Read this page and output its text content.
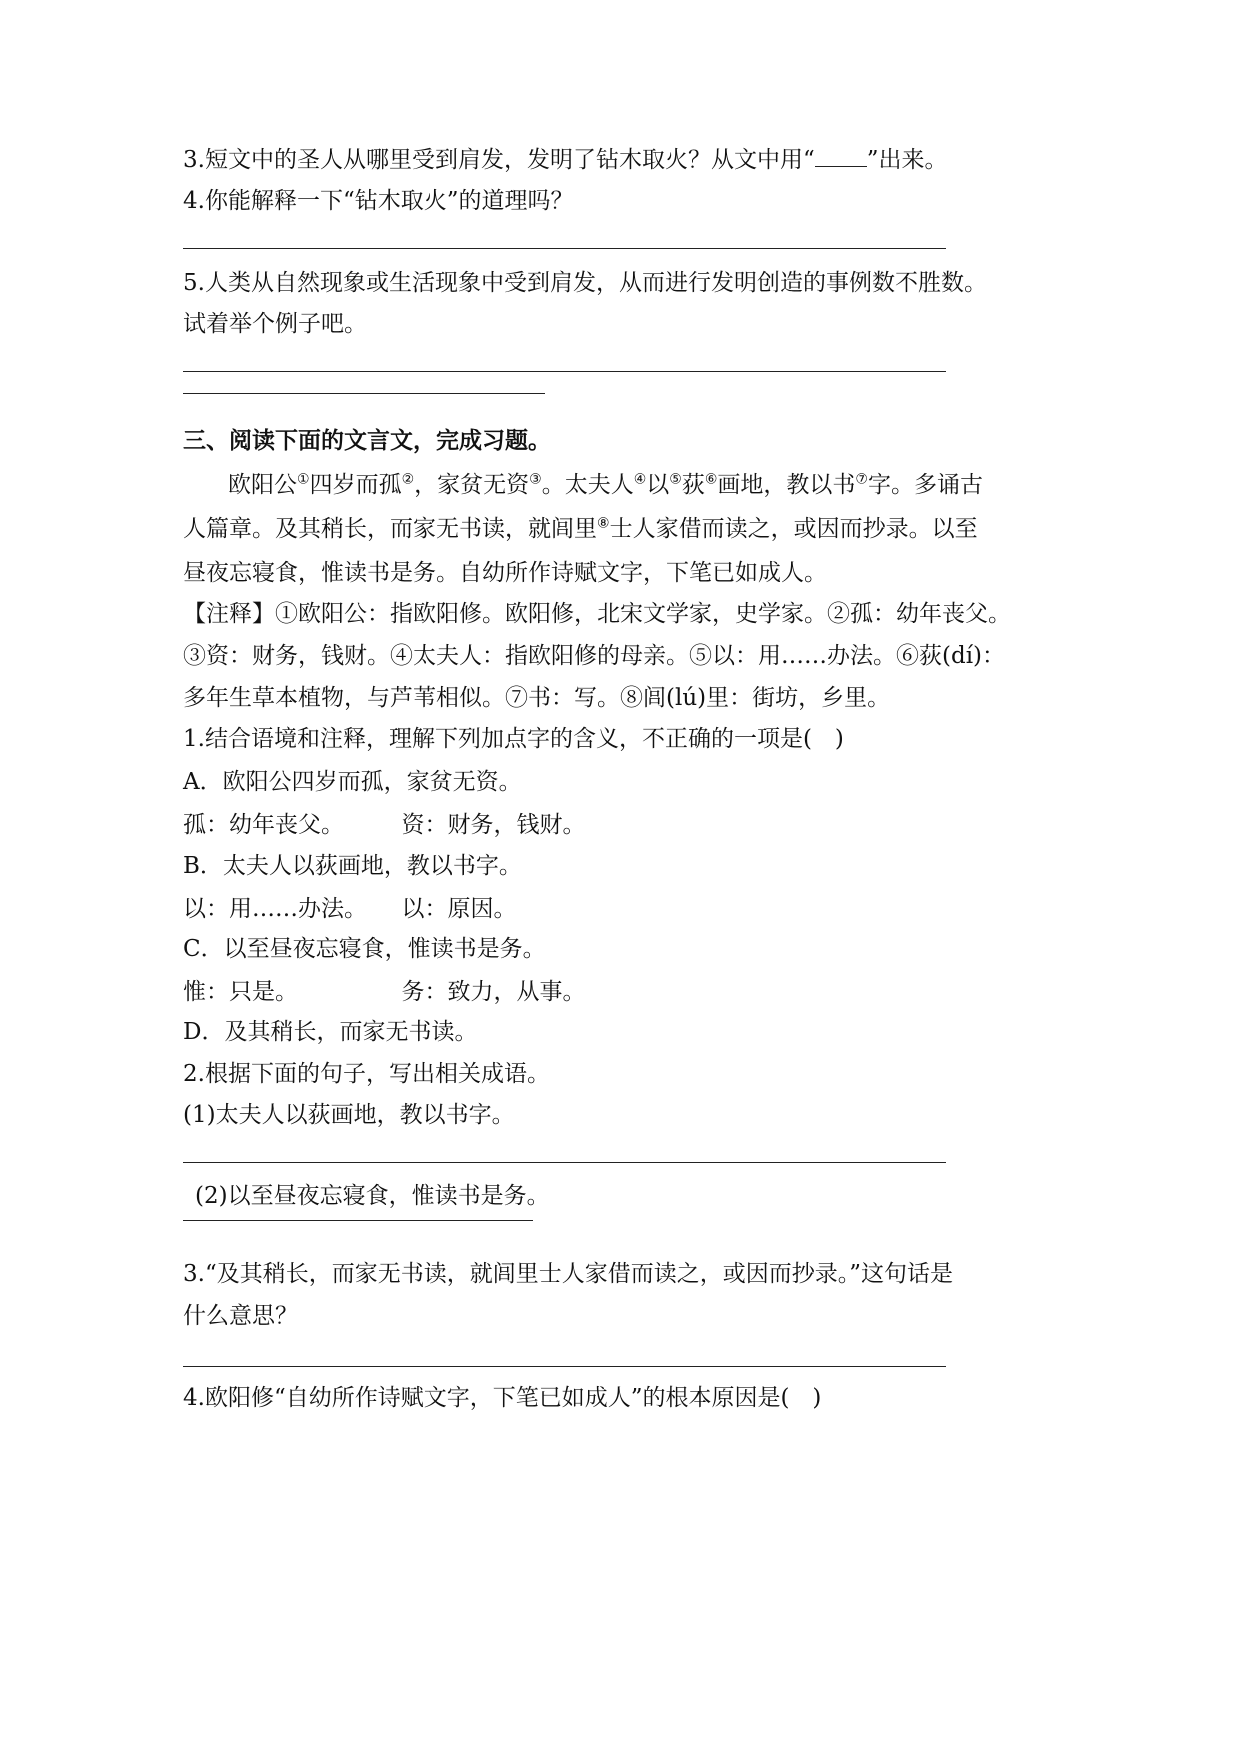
3.短文中的圣人从哪里受到肩发，发明了钻木取火？从文中用“ ”出来。
4.你能解释一下“钻木取火”的道理吗？
5.人类从自然现象或生活现象中受到肩发，从而进行发明创造的事例数不胜数。
试着举个例子吧。
三、阅读下面的文言文，完成习题。
欧阳公①四岁而孤②，家贫无资③。太夫人④以⑤荻⑥画地，教以书⑦字。多诵古
人篇章。及其稍长，而家无书读，就闾里⑧士人家借而读之，或因而抄录。以至
昼夜忘寝食，惟读书是务。自幼所作诗赋文字，下笔已如成人。
【注释】①欧阳公：指欧阳修。欧阳修，北宋文学家，史学家。②孤：幼年丧父。
③资：财务，钱财。④太夫人：指欧阳修的母亲。⑤以：用……办法。⑥荻(dí)：
多年生草本植物，与芦苇相似。⑦书：写。⑧闾(lú)里：街坊，乡里。
1.结合语境和注释，理解下列加点字的含义，不正确的一项是(　)
A．欧阳公四岁而孤，家贫无资。
孤：幼年丧父。　　　资：财务，钱财。
B．太夫人以荻画地，教以书字。
以：用……办法。　　以：原因。
C．以至昼夜忘寝食，惟读书是务。
惟：只是。　　　　　务：致力，从事。
D．及其稍长，而家无书读。
2.根据下面的句子，写出相关成语。
(1)太夫人以荻画地，教以书字。
(2)以至昼夜忘寝食，惟读书是务。
3.“及其稍长，而家无书读，就闾里士人家借而读之，或因而抄录。”这句话是
什么意思？
4.欧阳修“自幼所作诗赋文字，下笔已如成人”的根本原因是(　)
